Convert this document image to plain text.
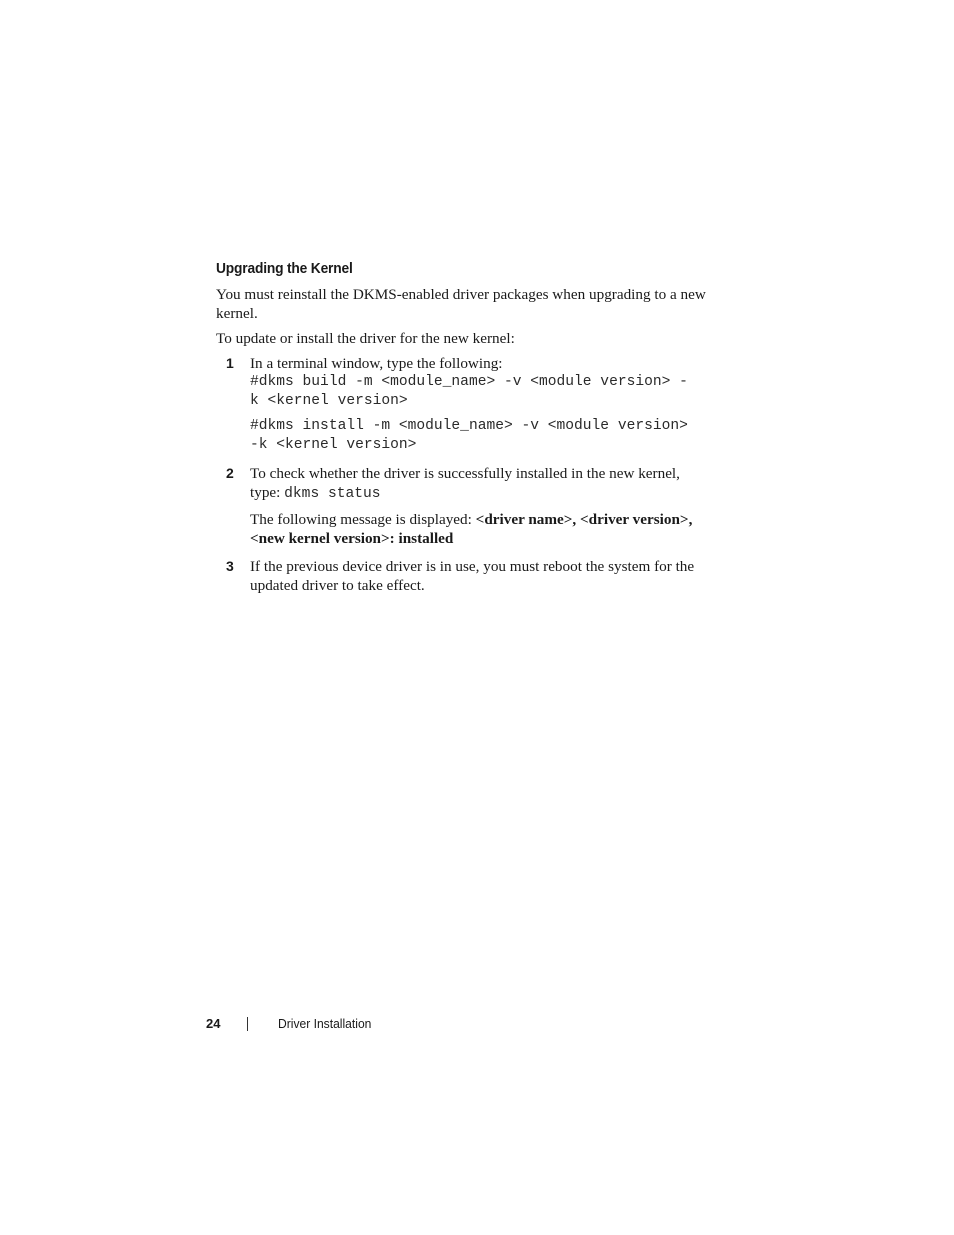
Upgrading the Kernel

You must reinstall the DKMS-enabled driver packages when upgrading to a new kernel.

To update or install the driver for the new kernel:

1 In a terminal window, type the following:
#dkms build -m <module_name> -v <module version> -
k <kernel version>
#dkms install -m <module_name> -v <module version>
-k <kernel version>
2 To check whether the driver is successfully installed in the new kernel,
type: dkms status
The following message is displayed: <driver name>, <driver version>,
<new kernel version>: installed
3 If the previous device driver is in use, you must reboot the system for the updated driver to take effect.
24	Driver Installation
